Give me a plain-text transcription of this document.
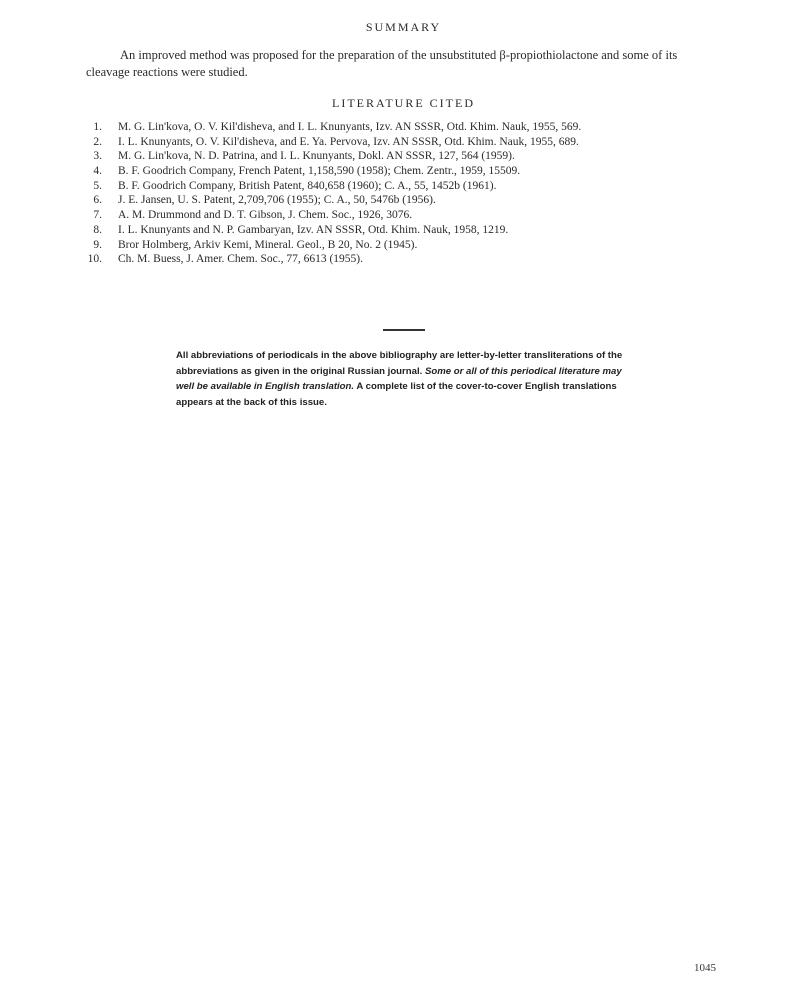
SUMMARY

An improved method was proposed for the preparation of the unsubstituted β-propiothiolactone and some of its cleavage reactions were studied.

LITERATURE CITED
1. M. G. Lin'kova, O. V. Kil'disheva, and I. L. Knunyants, Izv. AN SSSR, Otd. Khim. Nauk, 1955, 569.
2. I. L. Knunyants, O. V. Kil'disheva, and E. Ya. Pervova, Izv. AN SSSR, Otd. Khim. Nauk, 1955, 689.
3. M. G. Lin'kova, N. D. Patrina, and I. L. Knunyants, Dokl. AN SSSR, 127, 564 (1959).
4. B. F. Goodrich Company, French Patent, 1,158,590 (1958); Chem. Zentr., 1959, 15509.
5. B. F. Goodrich Company, British Patent, 840,658 (1960); C. A., 55, 1452b (1961).
6. J. E. Jansen, U. S. Patent, 2,709,706 (1955); C. A., 50, 5476b (1956).
7. A. M. Drummond and D. T. Gibson, J. Chem. Soc., 1926, 3076.
8. I. L. Knunyants and N. P. Gambaryan, Izv. AN SSSR, Otd. Khim. Nauk, 1958, 1219.
9. Bror Holmberg, Arkiv Kemi, Mineral. Geol., B 20, No. 2 (1945).
10. Ch. M. Buess, J. Amer. Chem. Soc., 77, 6613 (1955).

All abbreviations of periodicals in the above bibliography are letter-by-letter transliterations of the abbreviations as given in the original Russian journal. Some or all of this periodical literature may well be available in English translation. A complete list of the cover-to-cover English translations appears at the back of this issue.

1045
